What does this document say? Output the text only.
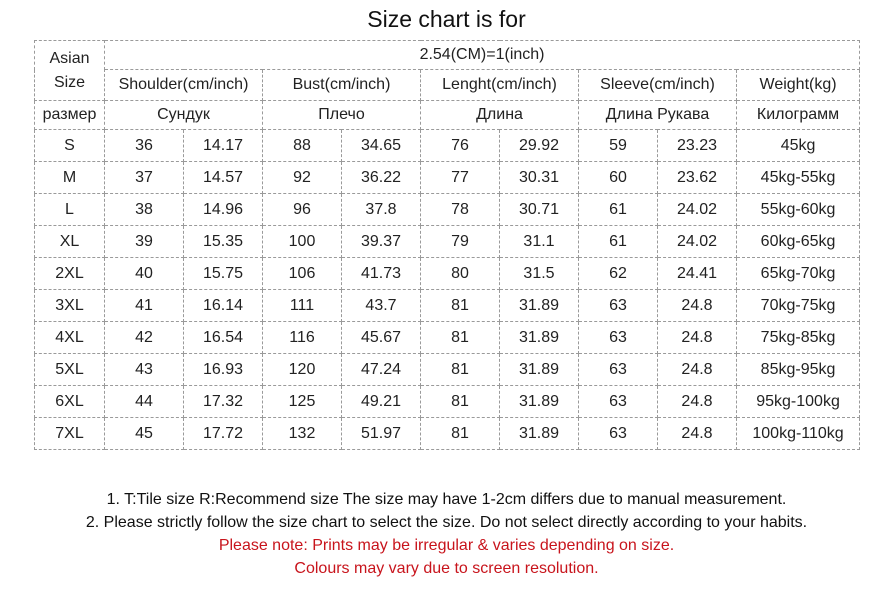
Size chart is for
Asian
Size	2.54(CM)=1(inch)								
	Shoulder(cm/inch)		Bust(cm/inch)		Lenght(cm/inch)		Sleeve(cm/inch)		Weight(kg)
размер	Сундук		Плечо		Длина		Длина Рукава		Килограмм
S	36	14.17	88	34.65	76	29.92	59	23.23	45kg
M	37	14.57	92	36.22	77	30.31	60	23.62	45kg-55kg
L	38	14.96	96	37.8	78	30.71	61	24.02	55kg-60kg
XL	39	15.35	100	39.37	79	31.1	61	24.02	60kg-65kg
2XL	40	15.75	106	41.73	80	31.5	62	24.41	65kg-70kg
3XL	41	16.14	111	43.7	81	31.89	63	24.8	70kg-75kg
4XL	42	16.54	116	45.67	81	31.89	63	24.8	75kg-85kg
5XL	43	16.93	120	47.24	81	31.89	63	24.8	85kg-95kg
6XL	44	17.32	125	49.21	81	31.89	63	24.8	95kg-100kg
7XL	45	17.72	132	51.97	81	31.89	63	24.8	100kg-110kg
1. T:Tile size R:Recommend size The size may have 1-2cm differs due to manual measurement.
2. Please strictly follow the size chart to select the size. Do not select directly according to your habits.
Please note: Prints may be irregular & varies depending on size.
Colours may vary due to screen resolution.
